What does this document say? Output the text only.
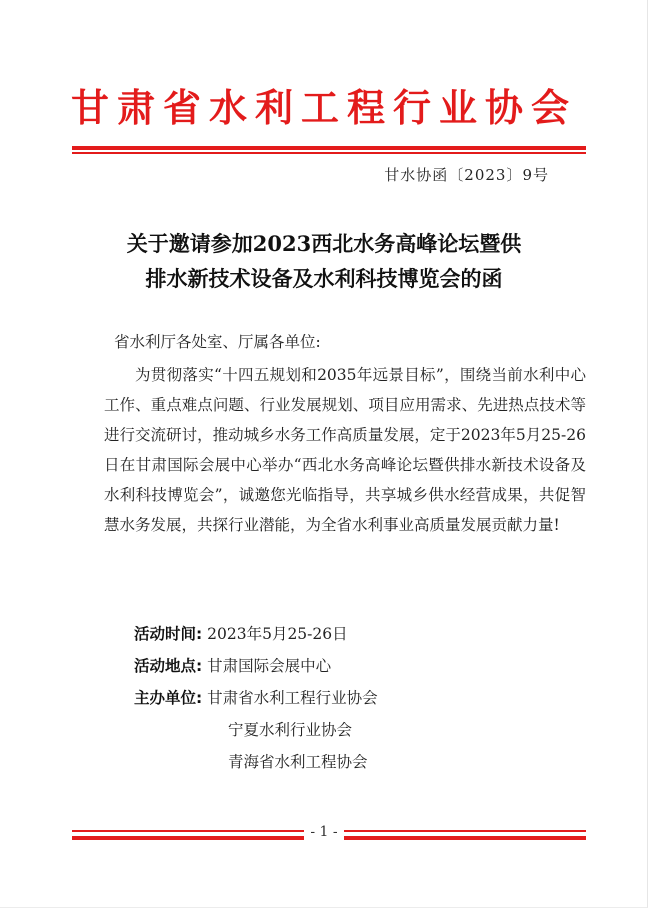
甘肃省水利工程行业协会
甘水协函〔2023〕9号
关于邀请参加2023西北水务高峰论坛暨供
排水新技术设备及水利科技博览会的函
省水利厅各处室、厅属各单位:

为贯彻落实“十四五规划和2035年远景目标”，围绕当前水利中心工作、重点难点问题、行业发展规划、项目应用需求、先进热点技术等进行交流研讨，推动城乡水务工作高质量发展，定于2023年5月25-26日在甘肃国际会展中心举办“西北水务高峰论坛暨供排水新技术设备及水利科技博览会”，诚邀您光临指导，共享城乡供水经营成果，共促智慧水务发展，共探行业潜能，为全省水利事业高质量发展贡献力量!

活动时间: 2023年5月25-26日
活动地点: 甘肃国际会展中心
主办单位: 甘肃省水利工程行业协会
宁夏水利行业协会
青海省水利工程协会
- 1 -
